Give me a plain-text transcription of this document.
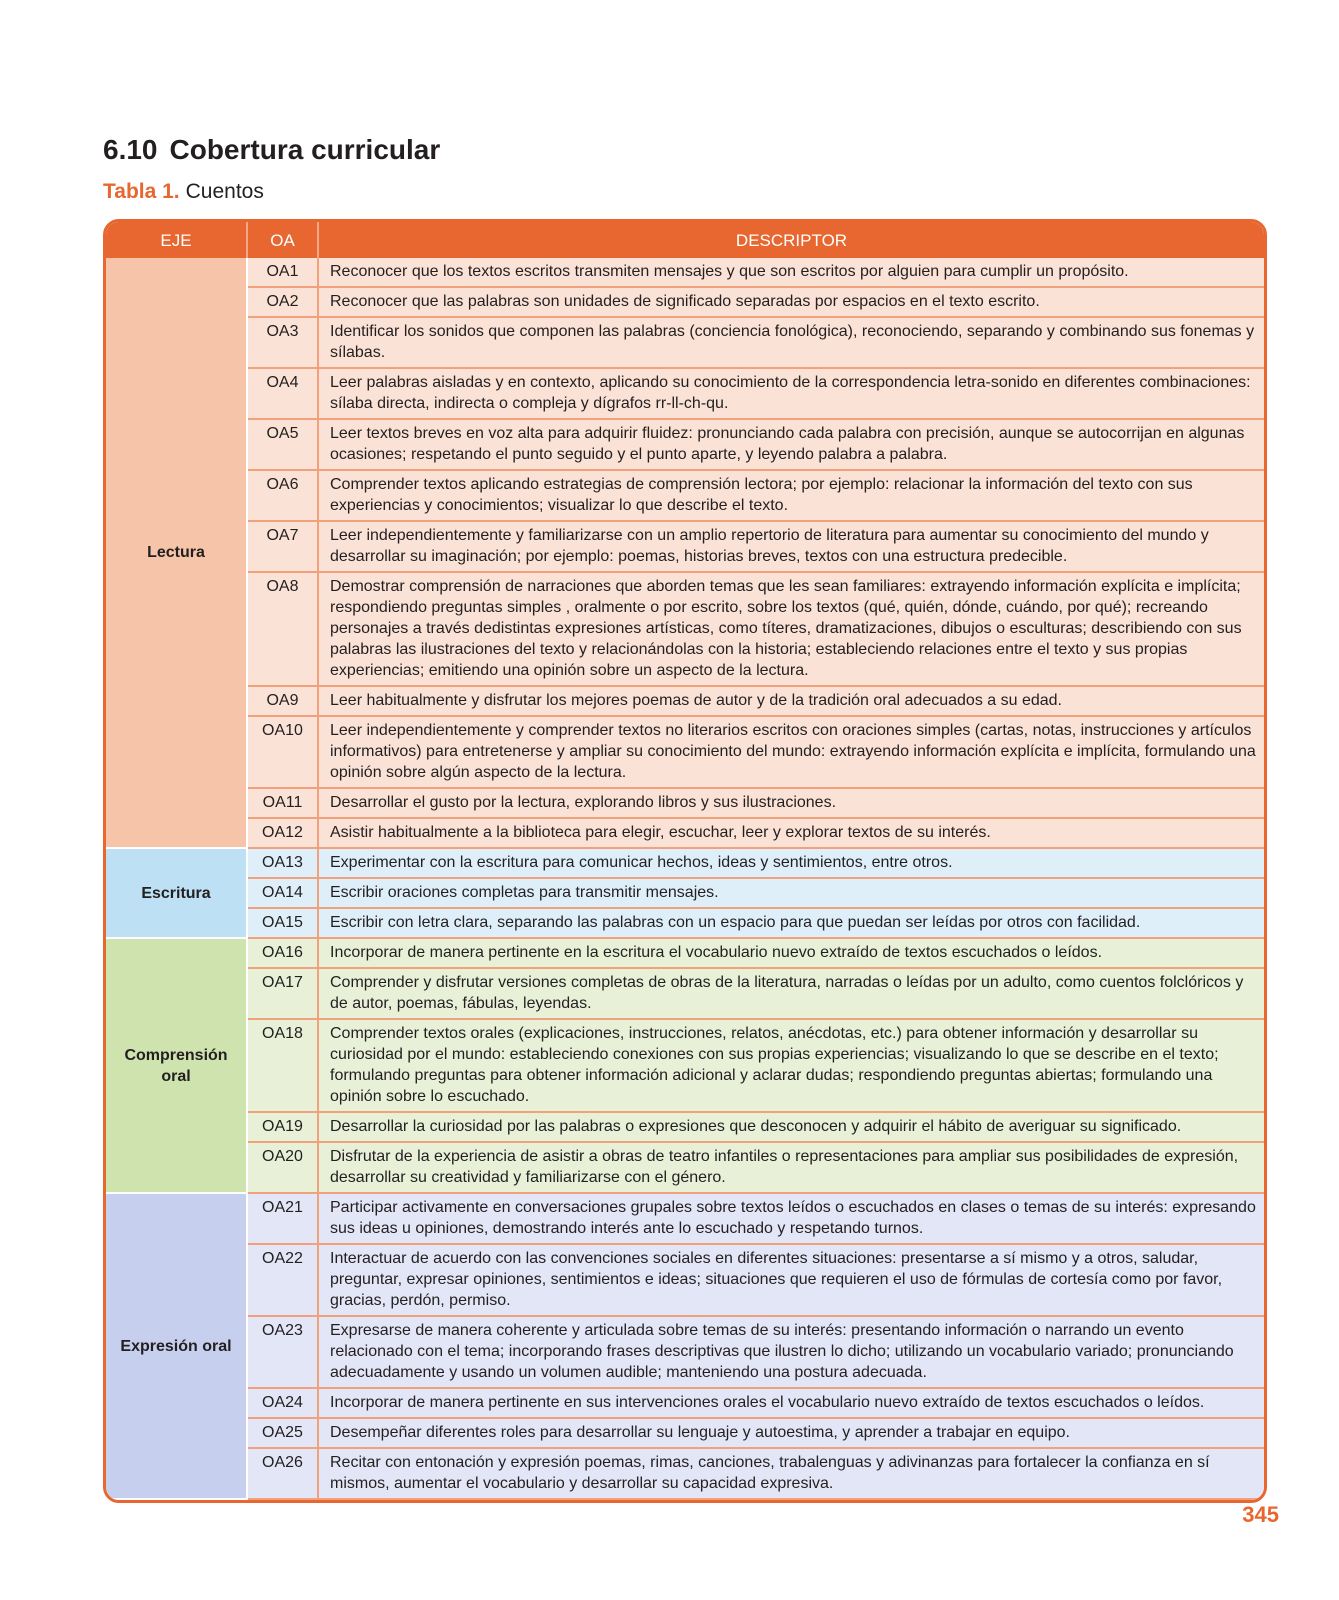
6.10 Cobertura curricular
Tabla 1. Cuentos
EJE	OA	DESCRIPTOR
Lectura	OA1	Reconocer que los textos escritos transmiten mensajes y que son escritos por alguien para cumplir un propósito.
	OA2	Reconocer que las palabras son unidades de significado separadas por espacios en el texto escrito.
	OA3	Identificar los sonidos que componen las palabras (conciencia fonológica), reconociendo, separando y combinando sus fonemas y sílabas.
	OA4	Leer palabras aisladas y en contexto, aplicando su conocimiento de la correspondencia letra-sonido en diferentes combinaciones: sílaba directa, indirecta o compleja y dígrafos rr-ll-ch-qu.
	OA5	Leer textos breves en voz alta para adquirir fluidez: pronunciando cada palabra con precisión, aunque se autocorrijan en algunas ocasiones; respetando el punto seguido y el punto aparte, y leyendo palabra a palabra.
	OA6	Comprender textos aplicando estrategias de comprensión lectora; por ejemplo: relacionar la información del texto con sus experiencias y conocimientos; visualizar lo que describe el texto.
	OA7	Leer independientemente y familiarizarse con un amplio repertorio de literatura para aumentar su conocimiento del mundo y desarrollar su imaginación; por ejemplo: poemas, historias breves, textos con una estructura predecible.
	OA8	Demostrar comprensión de narraciones que aborden temas que les sean familiares: extrayendo información explícita e implícita; respondiendo preguntas simples , oralmente o por escrito, sobre los textos (qué, quién, dónde, cuándo, por qué); recreando personajes a través dedistintas expresiones artísticas, como títeres, dramatizaciones, dibujos o esculturas; describiendo con sus palabras las ilustraciones del texto y relacionándolas con la historia; estableciendo relaciones entre el texto y sus propias experiencias; emitiendo una opinión sobre un aspecto de la lectura.
	OA9	Leer habitualmente y disfrutar los mejores poemas de autor y de la tradición oral adecuados a su edad.
	OA10	Leer independientemente y comprender textos no literarios escritos con oraciones simples (cartas, notas, instrucciones y artículos informativos) para entretenerse y ampliar su conocimiento del mundo: extrayendo información explícita e implícita, formulando una opinión sobre algún aspecto de la lectura.
	OA11	Desarrollar el gusto por la lectura, explorando libros y sus ilustraciones.
	OA12	Asistir habitualmente a la biblioteca para elegir, escuchar, leer y explorar textos de su interés.
Escritura	OA13	Experimentar con la escritura para comunicar hechos, ideas y sentimientos, entre otros.
	OA14	Escribir oraciones completas para transmitir mensajes.
	OA15	Escribir con letra clara, separando las palabras con un espacio para que puedan ser leídas por otros con facilidad.
Comprensión oral	OA16	Incorporar de manera pertinente en la escritura el vocabulario nuevo extraído de textos escuchados o leídos.
	OA17	Comprender y disfrutar versiones completas de obras de la literatura, narradas o leídas por un adulto, como cuentos folclóricos y de autor, poemas, fábulas, leyendas.
	OA18	Comprender textos orales (explicaciones, instrucciones, relatos, anécdotas, etc.) para obtener información y desarrollar su curiosidad por el mundo: estableciendo conexiones con sus propias experiencias; visualizando lo que se describe en el texto; formulando preguntas para obtener información adicional y aclarar dudas; respondiendo preguntas abiertas; formulando una opinión sobre lo escuchado.
	OA19	Desarrollar la curiosidad por las palabras o expresiones que desconocen y adquirir el hábito de averiguar su significado.
	OA20	Disfrutar de la experiencia de asistir a obras de teatro infantiles o representaciones para ampliar sus posibilidades de expresión, desarrollar su creatividad y familiarizarse con el género.
Expresión oral	OA21	Participar activamente en conversaciones grupales sobre textos leídos o escuchados en clases o temas de su interés: expresando sus ideas u opiniones, demostrando interés ante lo escuchado y respetando turnos.
	OA22	Interactuar de acuerdo con las convenciones sociales en diferentes situaciones: presentarse a sí mismo y a otros, saludar, preguntar, expresar opiniones, sentimientos e ideas; situaciones que requieren el uso de fórmulas de cortesía como por favor, gracias, perdón, permiso.
	OA23	Expresarse de manera coherente y articulada sobre temas de su interés: presentando información o narrando un evento relacionado con el tema; incorporando frases descriptivas que ilustren lo dicho; utilizando un vocabulario variado; pronunciando adecuadamente y usando un volumen audible; manteniendo una postura adecuada.
	OA24	Incorporar de manera pertinente en sus intervenciones orales el vocabulario nuevo extraído de textos escuchados o leídos.
	OA25	Desempeñar diferentes roles para desarrollar su lenguaje y autoestima, y aprender a trabajar en equipo.
	OA26	Recitar con entonación y expresión poemas, rimas, canciones, trabalenguas y adivinanzas para fortalecer la confianza en sí mismos, aumentar el vocabulario y desarrollar su capacidad expresiva.
345
